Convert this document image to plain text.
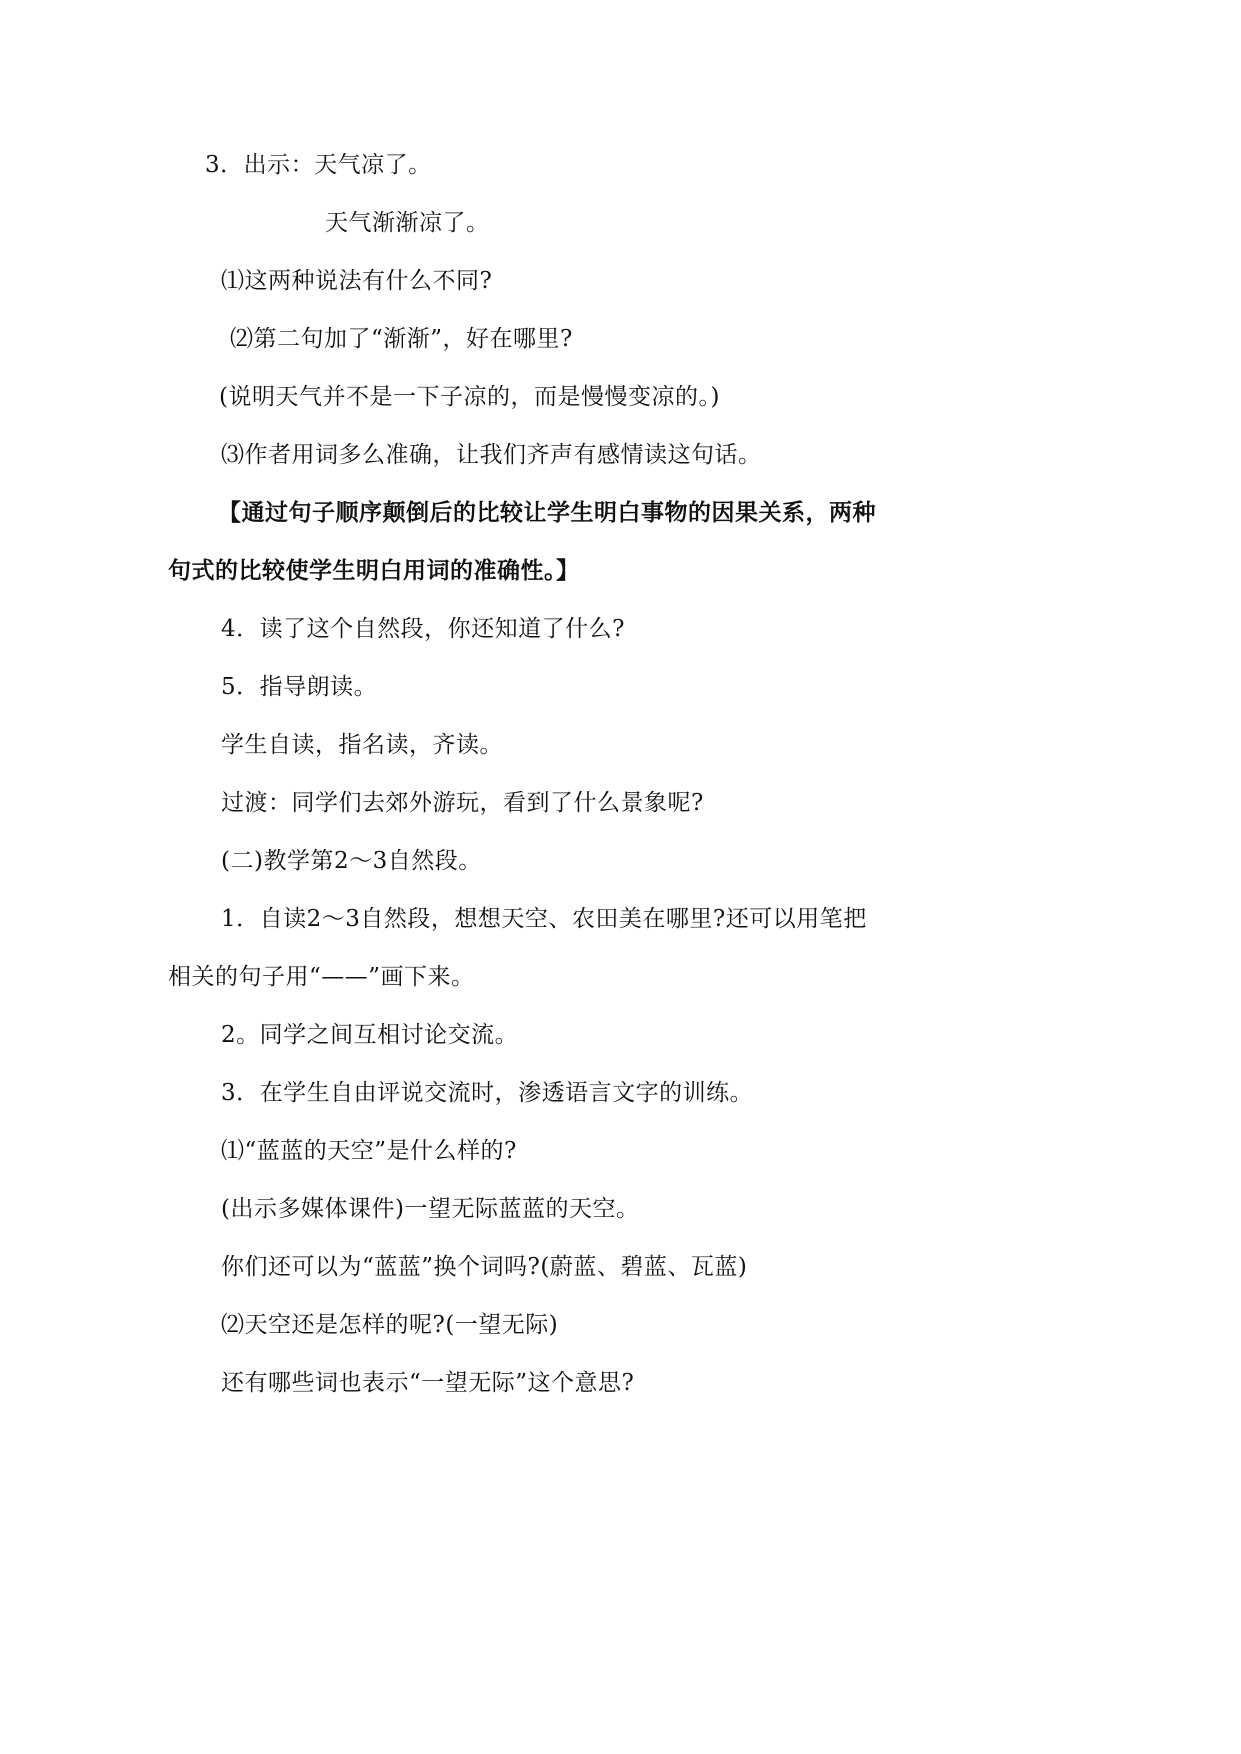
3．出示：天气凉了。
天气渐渐凉了。
⑴这两种说法有什么不同?
⑵第二句加了“渐渐”，好在哪里?
(说明天气并不是一下子凉的，而是慢慢变凉的。)
⑶作者用词多么准确，让我们齐声有感情读这句话。
【通过句子顺序颠倒后的比较让学生明白事物的因果关系，两种
句式的比较使学生明白用词的准确性。】
4．读了这个自然段，你还知道了什么?
5．指导朗读。
学生自读，指名读，齐读。
过渡：同学们去郊外游玩，看到了什么景象呢?
(二)教学第2～3自然段。
1．自读2～3自然段，想想天空、农田美在哪里?还可以用笔把
相关的句子用“——”画下来。
2。同学之间互相讨论交流。
3．在学生自由评说交流时，渗透语言文字的训练。
⑴“蓝蓝的天空”是什么样的?
(出示多媒体课件)一望无际蓝蓝的天空。
你们还可以为“蓝蓝”换个词吗?(蔚蓝、碧蓝、瓦蓝)
⑵天空还是怎样的呢?(一望无际)
还有哪些词也表示“一望无际”这个意思?
